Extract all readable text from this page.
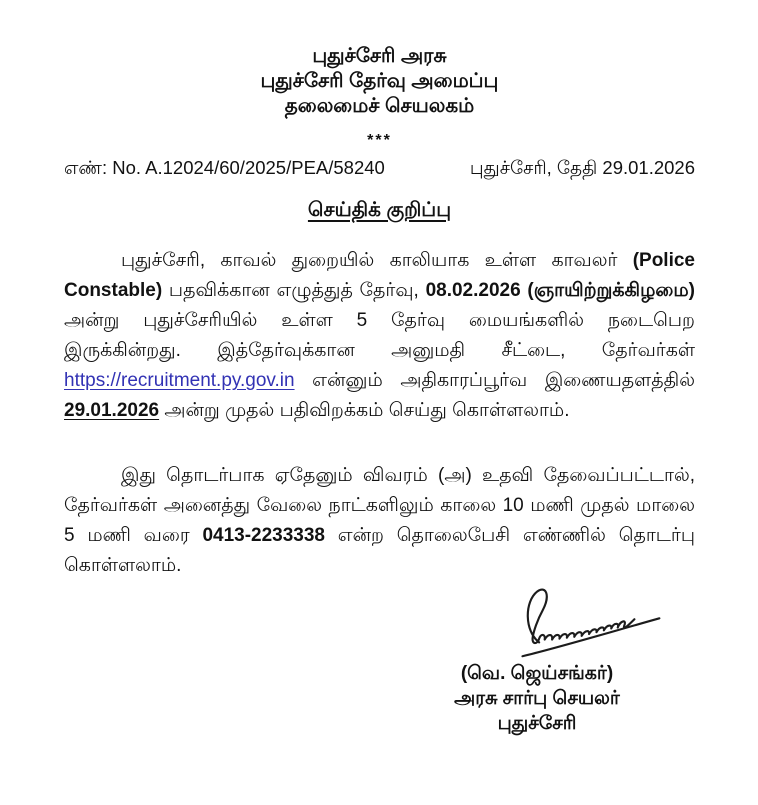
புதுச்சேரி அரசு
புதுச்சேரி தேர்வு அமைப்பு
தலைமைச் செயலகம்
***
எண்: No. A.12024/60/2025/PEA/58240	புதுச்சேரி, தேதி 29.01.2026
செய்திக் குறிப்பு

புதுச்சேரி, காவல் துறையில் காலியாக உள்ள காவலர் (Police Constable) பதவிக்கான எழுத்துத் தேர்வு, 08.02.2026 (ஞாயிற்றுக்கிழமை) அன்று புதுச்சேரியில் உள்ள 5 தேர்வு மையங்களில் நடைபெற இருக்கின்றது. இத்தேர்வுக்கான அனுமதி சீட்டை, தேர்வர்கள் https://recruitment.py.gov.in என்னும் அதிகாரப்பூர்வ இணையதளத்தில் 29.01.2026 அன்று முதல் பதிவிறக்கம் செய்து கொள்ளலாம்.

இது தொடர்பாக ஏதேனும் விவரம் (அ) உதவி தேவைப்பட்டால், தேர்வர்கள் அனைத்து வேலை நாட்களிலும் காலை 10 மணி முதல் மாலை 5 மணி வரை 0413-2233338 என்ற தொலைபேசி எண்ணில் தொடர்பு கொள்ளலாம்.

(வெ. ஜெய்சங்கர்)
அரசு சார்பு செயலர்
புதுச்சேரி
